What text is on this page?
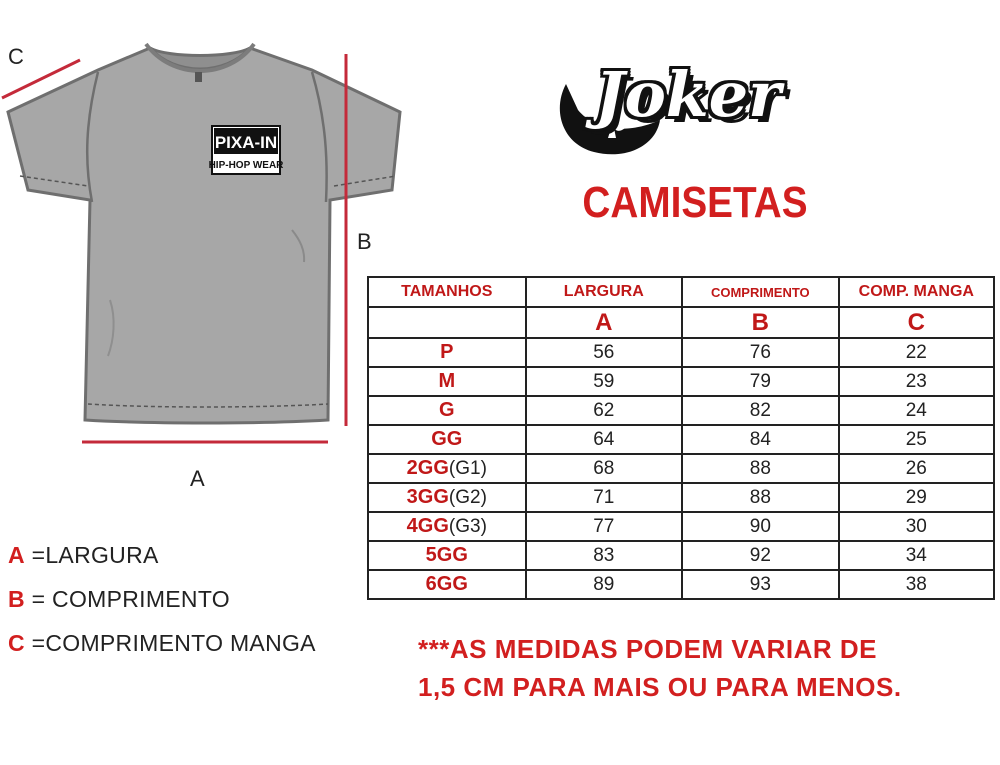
PIXA-IN
HIP-HOP WEAR
C
B
A
Joker
CAMISETAS
TAMANHOS	LARGURA	COMPRIMENTO	COMP. MANGA
	A	B	C
P	56	76	22
M	59	79	23
G	62	82	24
GG	64	84	25
2GG(G1)	68	88	26
3GG(G2)	71	88	29
4GG(G3)	77	90	30
5GG	83	92	34
6GG	89	93	38
A =LARGURA
B = COMPRIMENTO
C =COMPRIMENTO MANGA	***AS MEDIDAS PODEM VARIAR DE
1,5 CM PARA MAIS OU PARA MENOS.
